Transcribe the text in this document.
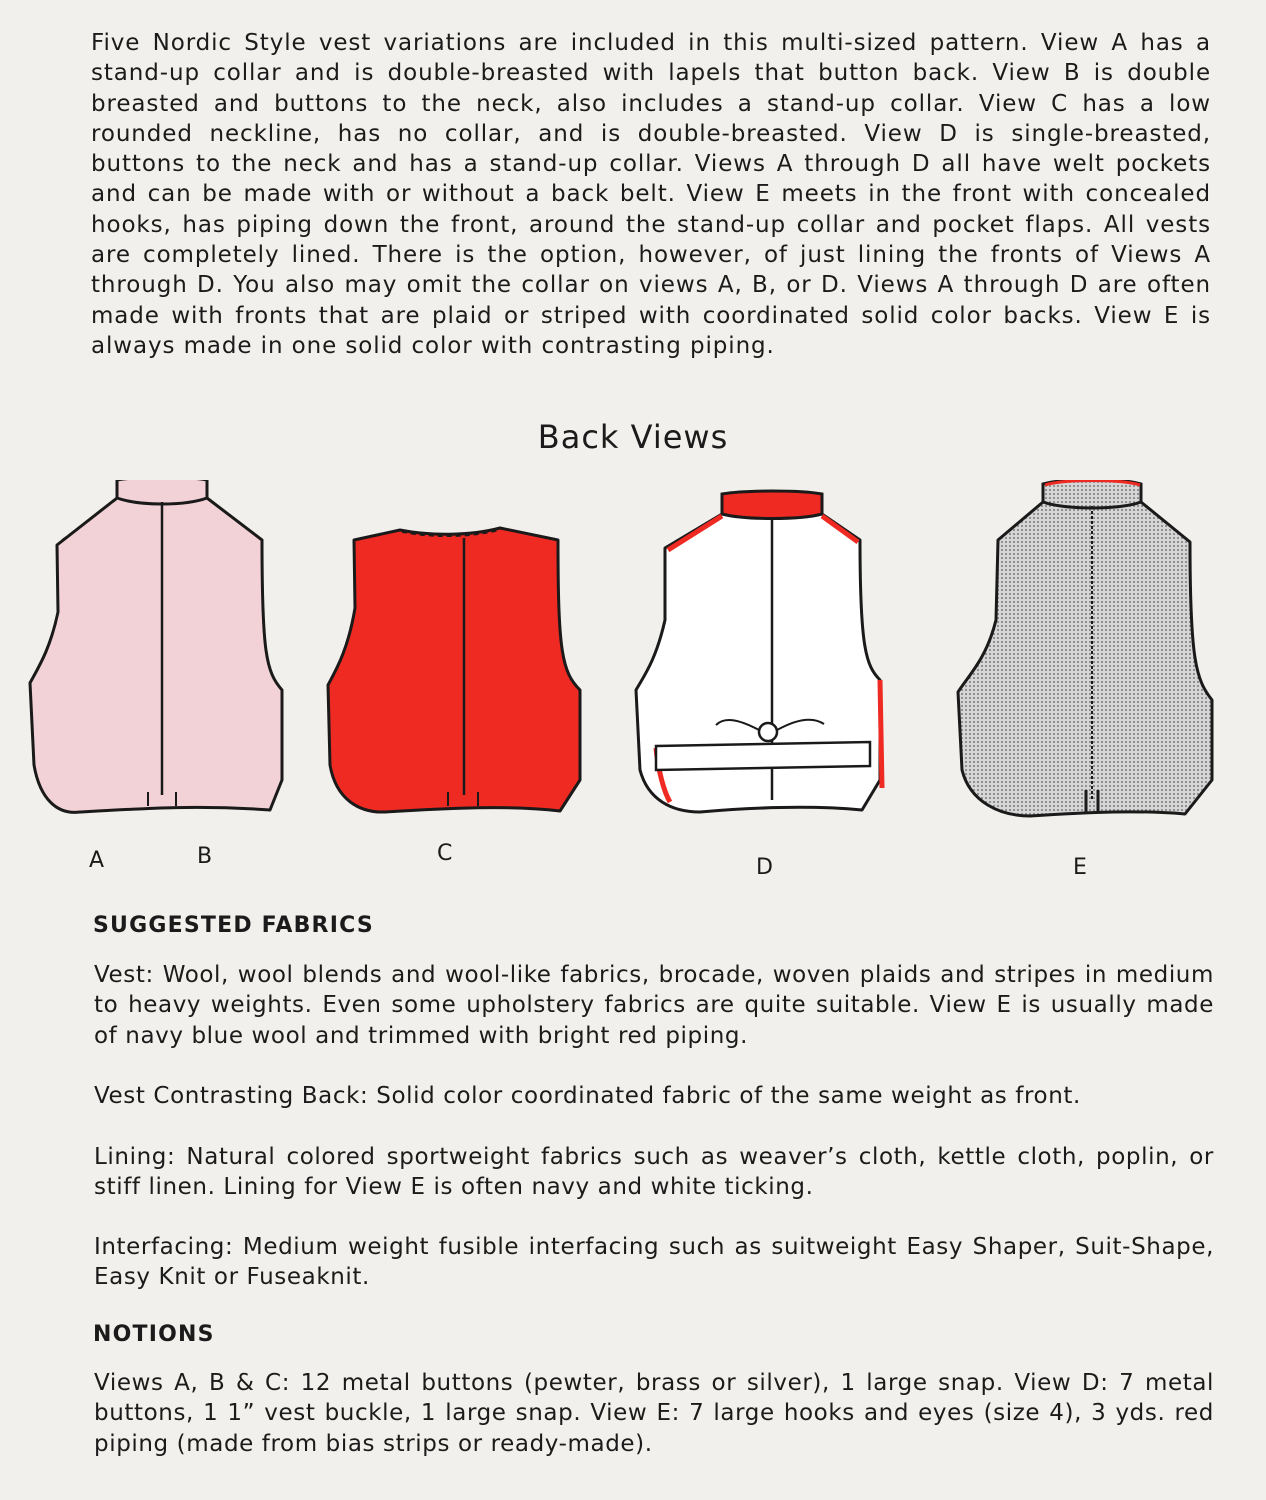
Five Nordic Style vest variations are included in this multi-sized pattern. View A has a stand-up collar and is double-breasted with lapels that button back. View B is double breasted and buttons to the neck, also includes a stand-up collar. View C has a low rounded neckline, has no collar, and is double-breasted. View D is single-breasted, buttons to the neck and has a stand-up collar. Views A through D all have welt pockets and can be made with or without a back belt. View E meets in the front with concealed hooks, has piping down the front, around the stand-up collar and pocket flaps. All vests are completely lined. There is the option, however, of just lining the fronts of Views A through D. You also may omit the collar on views A, B, or D. Views A through D are often made with fronts that are plaid or striped with coordinated solid color backs. View E is always made in one solid color with contrasting piping.

Back Views
A	B	C
D	E
SUGGESTED FABRICS

Vest: Wool, wool blends and wool-like fabrics, brocade, woven plaids and stripes in medium to heavy weights. Even some upholstery fabrics are quite suitable. View E is usually made of navy blue wool and trimmed with bright red piping.

Vest Contrasting Back: Solid color coordinated fabric of the same weight as front.

Lining: Natural colored sportweight fabrics such as weaver’s cloth, kettle cloth, poplin, or stiff linen. Lining for View E is often navy and white ticking.

Interfacing: Medium weight fusible interfacing such as suitweight Easy Shaper, Suit-Shape, Easy Knit or Fuseaknit.

NOTIONS

Views A, B & C: 12 metal buttons (pewter, brass or silver), 1 large snap. View D: 7 metal buttons, 1 1” vest buckle, 1 large snap. View E: 7 large hooks and eyes (size 4), 3 yds. red piping (made from bias strips or ready-made).
